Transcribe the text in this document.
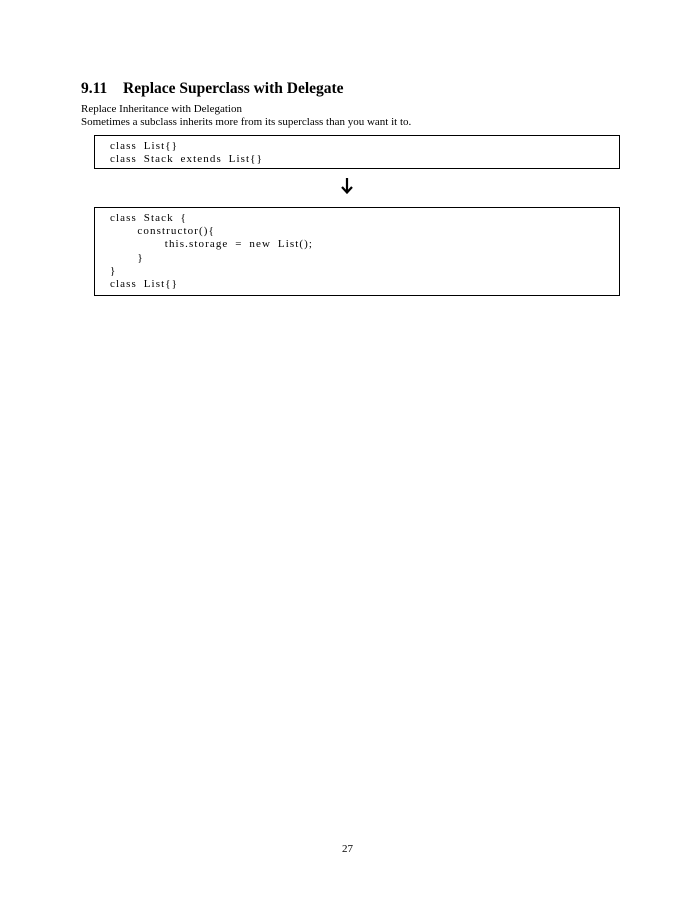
9.11 Replace Superclass with Delegate
Replace Inheritance with Delegation
Sometimes a subclass inherits more from its superclass than you want it to.
class List{}
class Stack extends List{}
class Stack {
constructor(){
this.storage = new List();
}
}
class List{}
27
